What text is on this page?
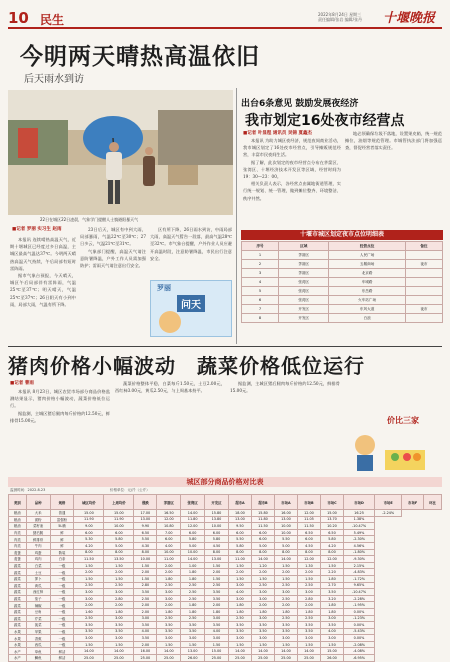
10 民生	2022年8月24日 星期三
责任编辑/张岩 编辑/张丹	十堰晚报
今明两天晴热高温依旧
后天雨水到访
22日在城区22日凌晨，气象学门提醒人士慎避阳暴天气
■记者 罗丽 实习生 赵雨

本报讯 连续晴热高温天气，近期十堰城区已经度过多日高温，主城区最高气温达37℃。今明两天晴热高温天气持续，午后局部有短时雷阵雨。

据市气象台预报，今天晴天，城区午后局部伴有雷阵雨，气温25℃至37℃；明天晴天，气温25℃至37℃；26日阴天有小到中雨，局部大雨，气温有所下降。

23日后天，城区有中到大雨，局部暴雨，气温22℃至30℃；27日多云，气温21℃至31℃。

气象部门提醒，高温天气请注意防暑降温，户外工作人员需加强防护；雷雨天气请注意出行安全。

区有所下降，26日雨水到访，中雨局部大雨，高温天气暂告一段落，最高气温28℃至32℃。市气象台提醒，户外作业人员应避开高温时段，注意防暑降温，市民出行注意安全。

罗丽
问天
出台6条意见 鼓励发展夜经济
我市划定16处夜市经营点
■记者 叶显程 通讯员 吴锦 夏鑫杰

本报讯 为助力城区夜经济，规范夜间商业活动，我市城区划定了16处夜市经营点，引导摊贩规范经营，丰富市民夜间生活。

据了解，此次划定的夜市经营点分布在茅箭区、张湾区、十堰经济技术开发区等区域，经营时间为19：30—23：00。

相关负责人表示，各经营点由属地街道管理，实行统一规划、统一管理，做到摊位整齐、环境整洁、秩序井然。

地必须确保垃圾不落地，设置果皮箱，统一规范摊位，油烟等规范管理。市城管执法部门将加强巡查，督促经营者落实责任。

十堰市城区划定夜市点位明细表
序号	区域	经营点位	备注
1	茅箭区	人民广场	
2	茅箭区	五堰商场	夜市
3	茅箭区	北京路	
4	张湾区	车城路	
5	张湾区	东岳路	
6	张湾区	火车站广场	
7	开发区	东风大道	夜市
8	开发区	白浪	
猪肉价格小幅波动　蔬菜价格低位运行
■记者 曹雨

本报讯 8月23日，城区农贸市场部分商品价格监测结果显示，猪肉价格小幅波动，蔬菜价格低位运行。

据监测，主城区猪后腿肉每斤价格约12.50元，鲜排骨15.00元。

蔬菜价格整体平稳，白菜每斤1.50元，土豆2.00元，西红柿3.00元，黄瓜2.50元，与上周基本持平。

据监测，主城区猪后腿肉每斤价格约12.50元，鲜排骨15.00元。

价比三家
城区部分商品价格对比表
监测时间：2022.8.23	价格单位：元/斤（公斤）
类别	品种	规格	城区均价	上周均价	涨跌	茅箭区	张湾区	开发区	超市A	超市B	市场A	市场B	市场C	市场D	市场E	市场F	环比
粮油	大米	普通	15.00	15.00	17.00	16.50	14.00	15.80	18.00	15.80	16.00	12.00	15.00	16.25	-2.24%		
粮油	面粉	富强粉	11.90	11.90	13.00	12.00	11.80	13.80	13.00	11.80	13.00	11.05	13.70	1.38%			
粮油	菜籽油	5L桶	9.00	10.00	9.90	10.80	12.00	10.00	9.50	11.50	10.00	11.50	10.20	-10.47%			
肉类	猪后腿	鲜	6.00	6.00	6.50	7.00	6.00	6.00	6.00	6.00	10.00	6.50	6.50	5.49%			
肉类	鲜排骨	鲜	5.30	5.80	5.50	6.00	5.80	5.80	5.50	6.00	5.50	6.00	5.80	-2.30%			
肉类	牛肉	鲜	4.20	5.00	4.30	4.00	5.00	4.50	5.80	5.00	5.00	4.50	4.20	4.56%			
禽蛋	鸡蛋	散装	8.00	8.00	8.00	10.00	10.00	8.00	8.00	8.00	8.00	8.00	8.00	-1.80%			
禽蛋	鸡肉	白条	11.50	13.50	10.00	11.00	14.00	13.00	11.00	14.00	14.00	12.00	12.00	-9.30%			
蔬菜	白菜	一级	1.50	1.50	1.50	2.00	1.00	1.50	1.50	1.20	1.50	1.30	1.50	2.15%			
蔬菜	土豆	一级	2.00	2.00	2.00	2.00	1.80	2.00	2.00	2.00	2.00	2.00	2.20	-4.83%			
蔬菜	萝卜	一级	1.50	1.50	1.50	1.80	1.80	1.50	1.50	1.50	1.50	1.50	1.80	-1.72%			
蔬菜	黄瓜	一级	2.50	2.50	2.80	2.50	2.50	2.50	3.00	2.50	2.50	2.50	2.70	9.65%			
蔬菜	西红柿	一级	3.00	3.00	3.50	3.00	2.50	3.50	4.00	3.00	3.00	3.00	3.50	-10.47%			
蔬菜	茄子	一级	3.00	2.80	2.50	3.00	2.50	3.50	3.00	3.00	2.50	2.80	3.20	-2.28%			
蔬菜	辣椒	一级	2.00	2.00	2.00	2.00	1.80	2.00	1.80	2.00	2.00	2.00	1.80	-1.95%			
蔬菜	豆角	一级	1.60	1.80	2.00	1.80	1.80	1.80	1.80	1.80	1.80	1.80	1.80	0.00%			
蔬菜	芹菜	一级	2.50	3.00	3.00	2.50	2.50	3.00	2.50	3.00	2.50	2.50	3.00	-1.23%			
蔬菜	菠菜	一级	3.50	3.50	3.50	3.50	3.50	3.50	3.50	3.50	3.50	3.50	3.50	0.00%			
水果	苹果	一级	3.50	3.50	4.00	3.50	3.50	4.00	3.50	3.50	3.50	3.50	4.00	-5.43%			
水果	香蕉	一级	3.00	3.00	3.50	3.00	3.00	3.00	3.00	3.00	3.00	3.00	3.00	0.00%			
水果	西瓜	一级	1.50	1.50	2.00	1.50	1.50	1.50	1.50	1.50	1.50	1.50	1.50	-2.08%			
水产	草鱼	鲜活	14.00	14.00	16.00	14.00	13.00	15.00	14.00	14.00	14.00	14.00	15.00	-4.08%			
水产	鲫鱼	鲜活	25.00	25.00	25.00	25.00	26.00	25.00	25.00	25.00	25.00	25.00	26.00	-6.95%			
